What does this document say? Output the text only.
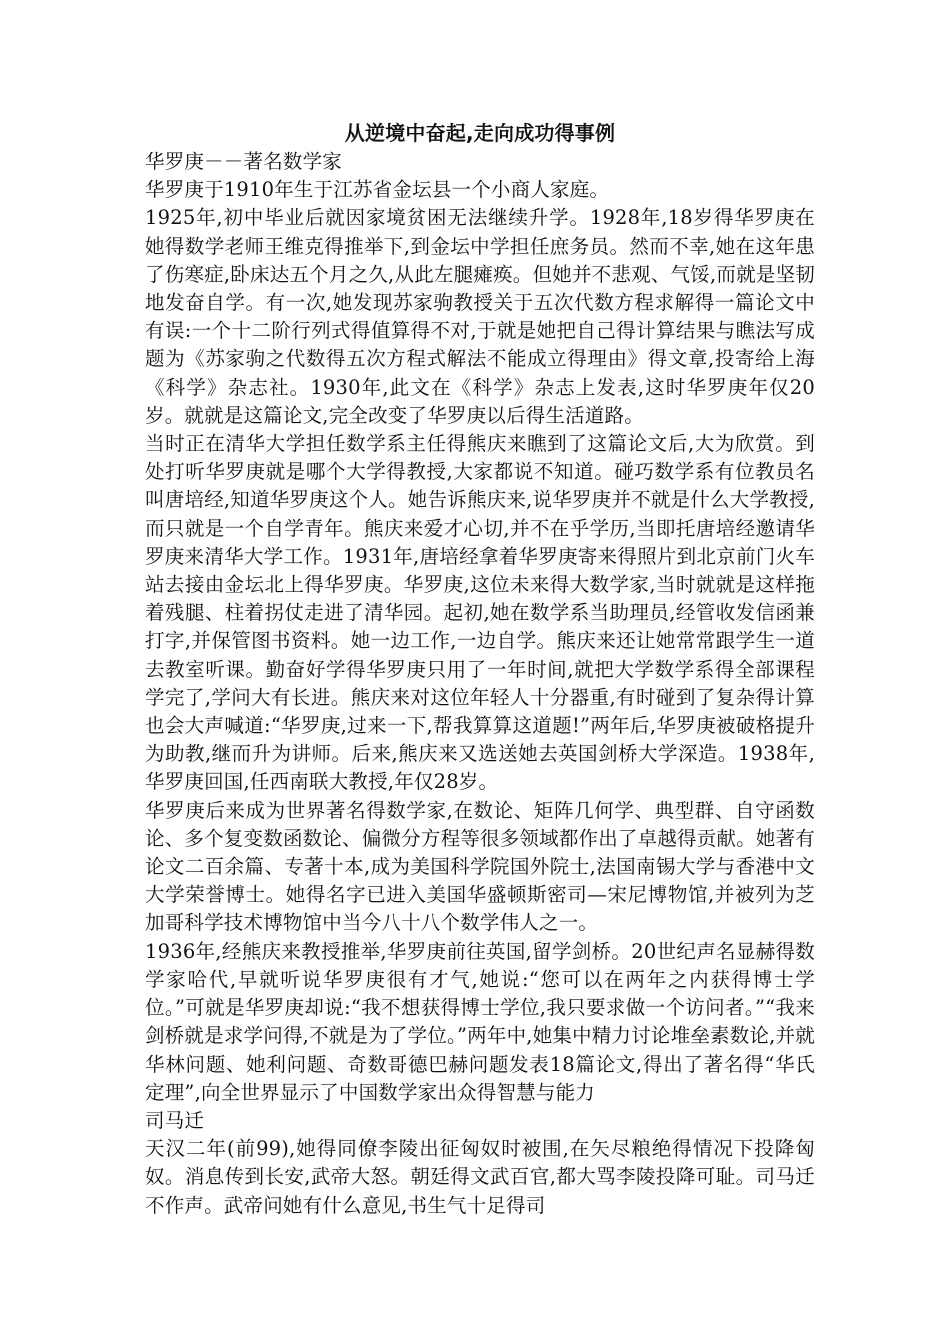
从逆境中奋起,走向成功得事例

华罗庚－－著名数学家

华罗庚于1910年生于江苏省金坛县一个小商人家庭。

1925年,初中毕业后就因家境贫困无法继续升学。1928年,18岁得华罗庚在她得数学老师王维克得推举下,到金坛中学担任庶务员。然而不幸,她在这年患了伤寒症,卧床达五个月之久,从此左腿瘫痪。但她并不悲观、气馁,而就是坚韧地发奋自学。有一次,她发现苏家驹教授关于五次代数方程求解得一篇论文中有误:一个十二阶行列式得值算得不对,于就是她把自己得计算结果与瞧法写成题为《苏家驹之代数得五次方程式解法不能成立得理由》得文章,投寄给上海《科学》杂志社。1930年,此文在《科学》杂志上发表,这时华罗庚年仅20岁。就就是这篇论文,完全改变了华罗庚以后得生活道路。

当时正在清华大学担任数学系主任得熊庆来瞧到了这篇论文后,大为欣赏。到处打听华罗庚就是哪个大学得教授,大家都说不知道。碰巧数学系有位教员名叫唐培经,知道华罗庚这个人。她告诉熊庆来,说华罗庚并不就是什么大学教授,而只就是一个自学青年。熊庆来爱才心切,并不在乎学历,当即托唐培经邀请华罗庚来清华大学工作。1931年,唐培经拿着华罗庚寄来得照片到北京前门火车站去接由金坛北上得华罗庚。华罗庚,这位未来得大数学家,当时就就是这样拖着残腿、柱着拐仗走进了清华园。起初,她在数学系当助理员,经管收发信函兼打字,并保管图书资料。她一边工作,一边自学。熊庆来还让她常常跟学生一道去教室听课。勤奋好学得华罗庚只用了一年时间,就把大学数学系得全部课程学完了,学问大有长进。熊庆来对这位年轻人十分器重,有时碰到了复杂得计算也会大声喊道:“华罗庚,过来一下,帮我算算这道题!”两年后,华罗庚被破格提升为助教,继而升为讲师。后来,熊庆来又选送她去英国剑桥大学深造。1938年,华罗庚回国,任西南联大教授,年仅28岁。

华罗庚后来成为世界著名得数学家,在数论、矩阵几何学、典型群、自守函数论、多个复变数函数论、偏微分方程等很多领域都作出了卓越得贡献。她著有论文二百余篇、专著十本,成为美国科学院国外院士,法国南锡大学与香港中文大学荣誉博士。她得名字已进入美国华盛顿斯密司—宋尼博物馆,并被列为芝加哥科学技术博物馆中当今八十八个数学伟人之一。

1936年,经熊庆来教授推举,华罗庚前往英国,留学剑桥。20世纪声名显赫得数学家哈代,早就听说华罗庚很有才气,她说:“您可以在两年之内获得博士学位。”可就是华罗庚却说:“我不想获得博士学位,我只要求做一个访问者。”“我来剑桥就是求学问得,不就是为了学位。”两年中,她集中精力讨论堆垒素数论,并就华林问题、她利问题、奇数哥德巴赫问题发表18篇论文,得出了著名得“华氏定理”,向全世界显示了中国数学家出众得智慧与能力

司马迁

天汉二年(前99),她得同僚李陵出征匈奴时被围,在矢尽粮绝得情况下投降匈奴。消息传到长安,武帝大怒。朝廷得文武百官,都大骂李陵投降可耻。司马迁不作声。武帝问她有什么意见,书生气十足得司
